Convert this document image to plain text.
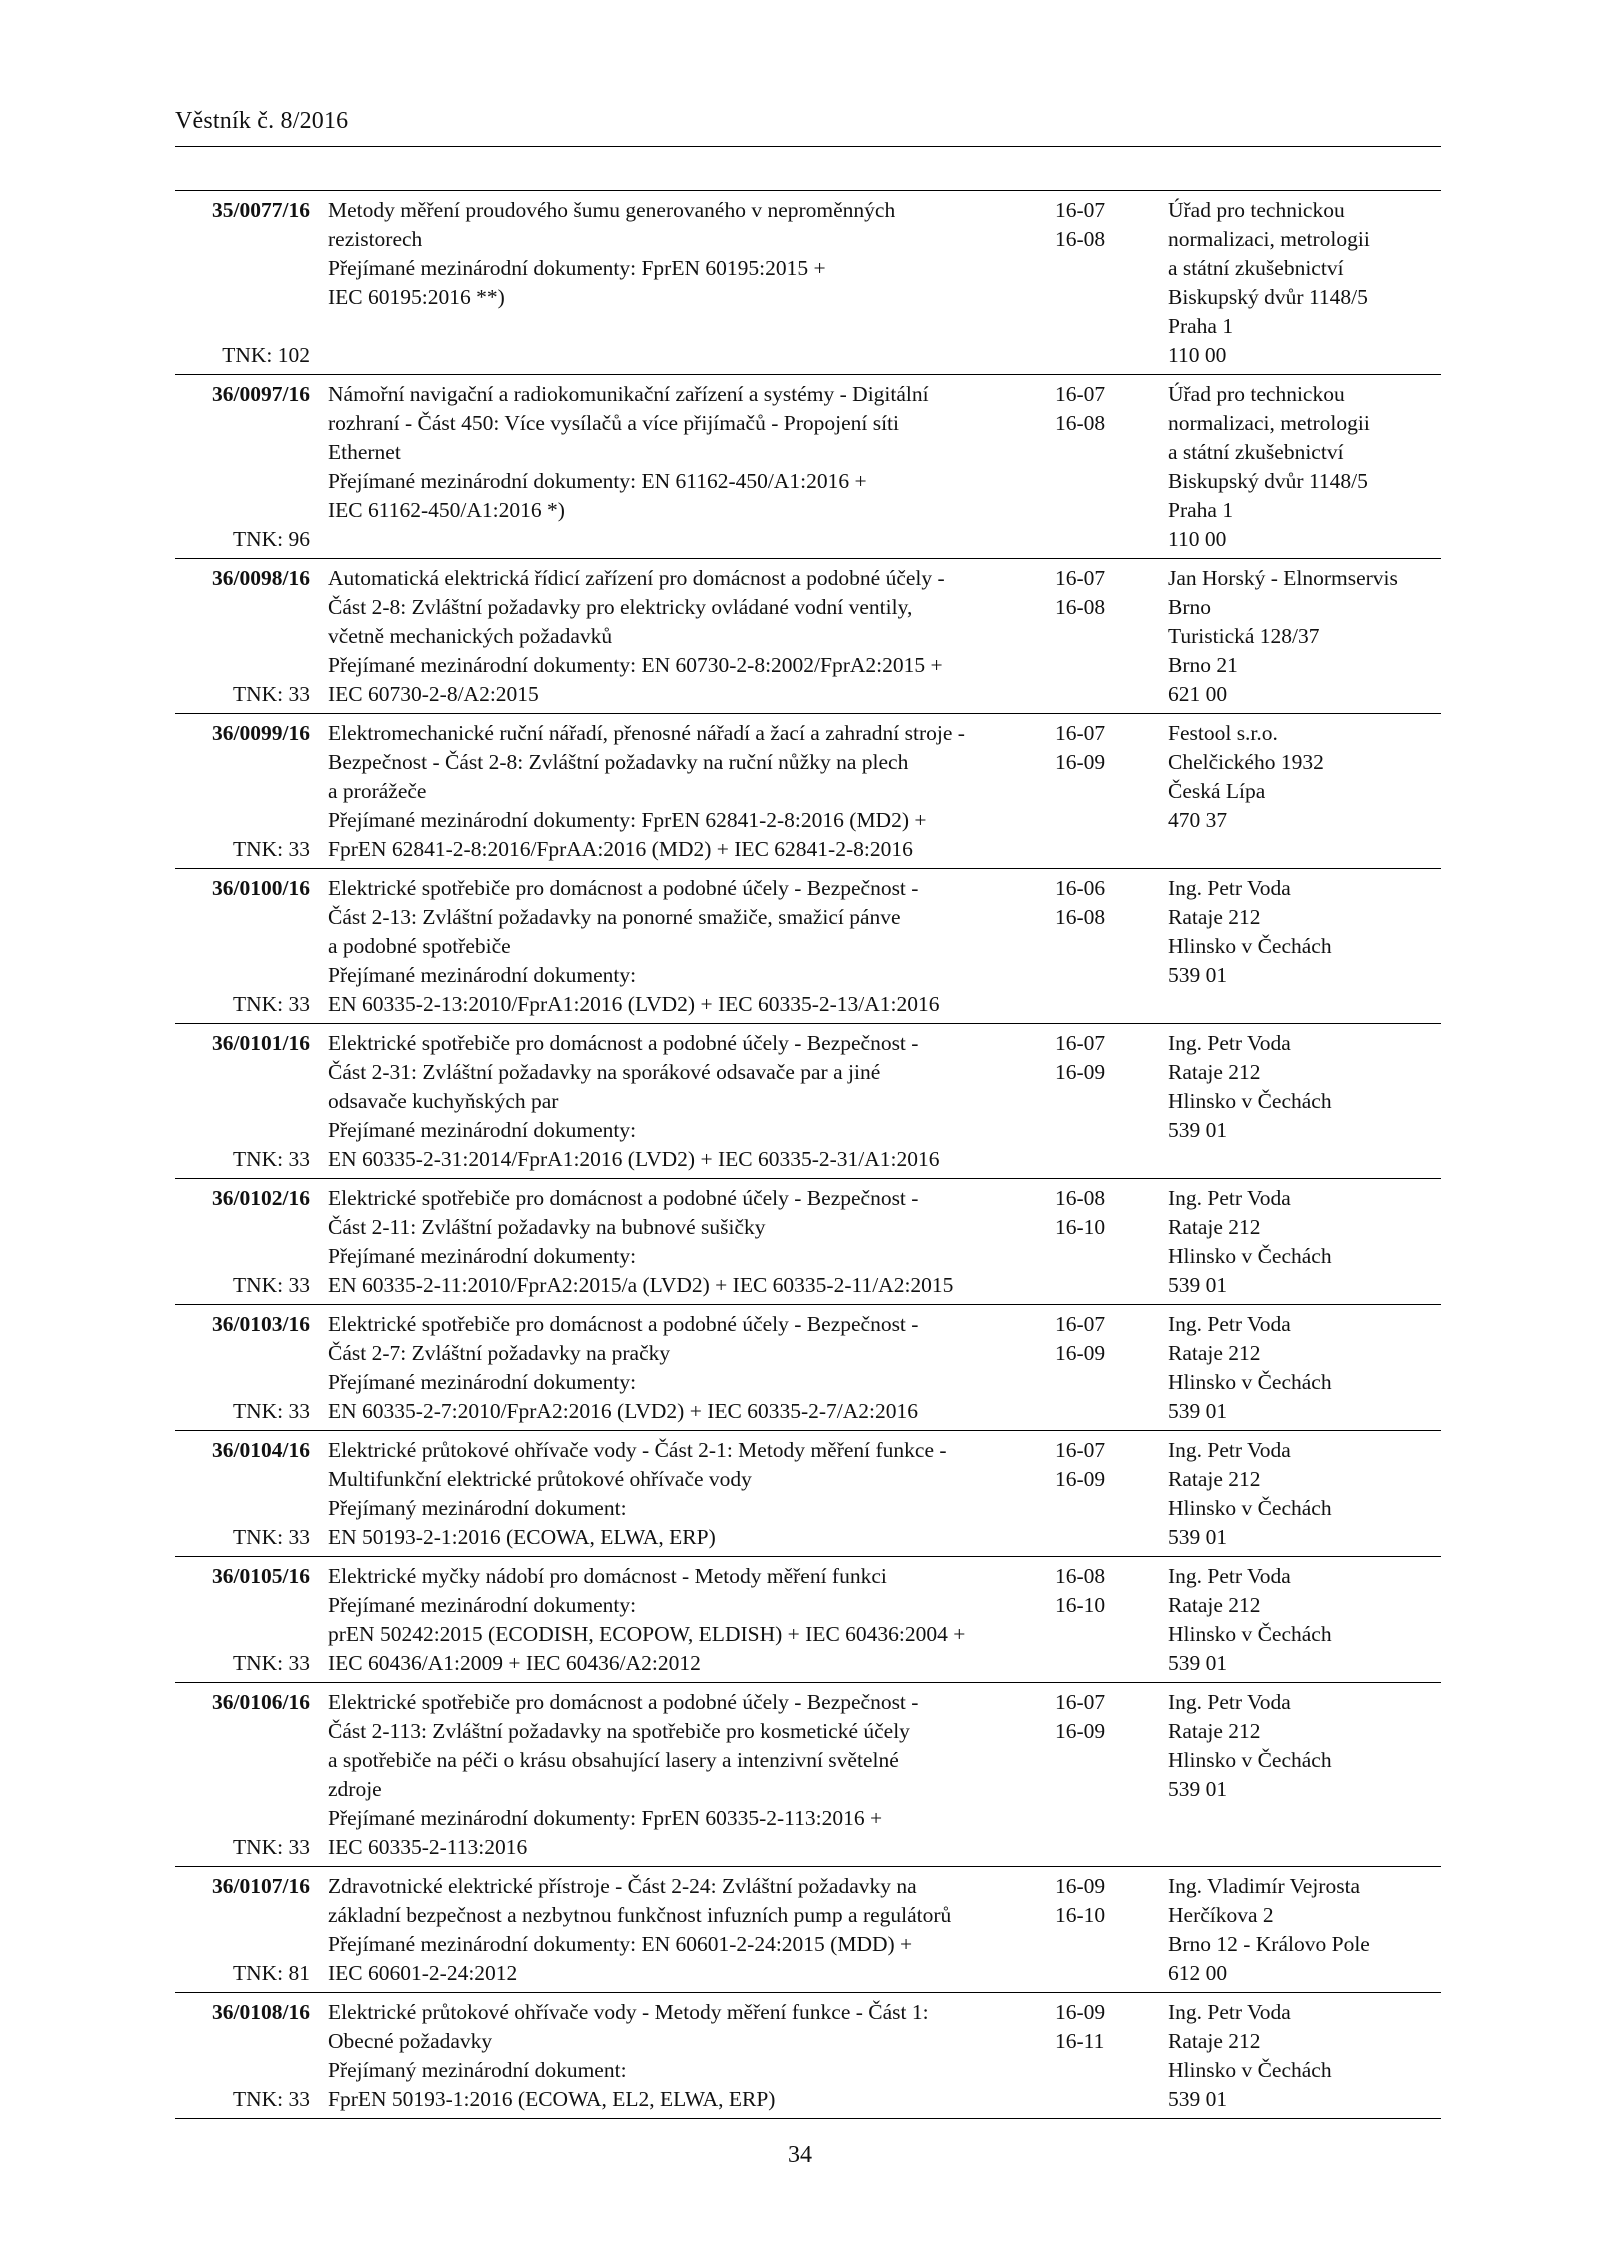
Věstník č. 8/2016
35/0077/16
TNK: 102
Metody měření proudového šumu generovaného v neproměnných
rezistorech
Přejímané mezinárodní dokumenty: FprEN 60195:2015 +
IEC 60195:2016 **)
16-07
16-08
Úřad pro technickou
normalizaci, metrologii
a státní zkušebnictví
Biskupský dvůr 1148/5
Praha 1
110 00
36/0097/16
TNK: 96
Námořní navigační a radiokomunikační zařízení a systémy - Digitální
rozhraní - Část 450: Více vysílačů a více přijímačů - Propojení síti
Ethernet
Přejímané mezinárodní dokumenty: EN 61162-450/A1:2016 +
IEC 61162-450/A1:2016 *)
16-07
16-08
Úřad pro technickou
normalizaci, metrologii
a státní zkušebnictví
Biskupský dvůr 1148/5
Praha 1
110 00
36/0098/16
TNK: 33
Automatická elektrická řídicí zařízení pro domácnost a podobné účely -
Část 2-8: Zvláštní požadavky pro elektricky ovládané vodní ventily,
včetně mechanických požadavků
Přejímané mezinárodní dokumenty: EN 60730-2-8:2002/FprA2:2015 +
IEC 60730-2-8/A2:2015
16-07
16-08
Jan Horský - Elnormservis
Brno
Turistická 128/37
Brno 21
621 00
36/0099/16
TNK: 33
Elektromechanické ruční nářadí, přenosné nářadí a žací a zahradní stroje -
Bezpečnost - Část 2-8: Zvláštní požadavky na ruční nůžky na plech
a prorážeče
Přejímané mezinárodní dokumenty: FprEN 62841-2-8:2016 (MD2) +
FprEN 62841-2-8:2016/FprAA:2016 (MD2) + IEC 62841-2-8:2016
16-07
16-09
Festool s.r.o.
Chelčického 1932
Česká Lípa
470 37
36/0100/16
TNK: 33
Elektrické spotřebiče pro domácnost a podobné účely - Bezpečnost -
Část 2-13: Zvláštní požadavky na ponorné smažiče, smažicí pánve
a podobné spotřebiče
Přejímané mezinárodní dokumenty:
EN 60335-2-13:2010/FprA1:2016 (LVD2) + IEC 60335-2-13/A1:2016
16-06
16-08
Ing. Petr Voda
Rataje 212
Hlinsko v Čechách
539 01
36/0101/16
TNK: 33
Elektrické spotřebiče pro domácnost a podobné účely - Bezpečnost -
Část 2-31: Zvláštní požadavky na sporákové odsavače par a jiné
odsavače kuchyňských par
Přejímané mezinárodní dokumenty:
EN 60335-2-31:2014/FprA1:2016 (LVD2) + IEC 60335-2-31/A1:2016
16-07
16-09
Ing. Petr Voda
Rataje 212
Hlinsko v Čechách
539 01
36/0102/16
TNK: 33
Elektrické spotřebiče pro domácnost a podobné účely - Bezpečnost -
Část 2-11: Zvláštní požadavky na bubnové sušičky
Přejímané mezinárodní dokumenty:
EN 60335-2-11:2010/FprA2:2015/a (LVD2) + IEC 60335-2-11/A2:2015
16-08
16-10
Ing. Petr Voda
Rataje 212
Hlinsko v Čechách
539 01
36/0103/16
TNK: 33
Elektrické spotřebiče pro domácnost a podobné účely - Bezpečnost -
Část 2-7: Zvláštní požadavky na pračky
Přejímané mezinárodní dokumenty:
EN 60335-2-7:2010/FprA2:2016 (LVD2) + IEC 60335-2-7/A2:2016
16-07
16-09
Ing. Petr Voda
Rataje 212
Hlinsko v Čechách
539 01
36/0104/16
TNK: 33
Elektrické průtokové ohřívače vody - Část 2-1: Metody měření funkce -
Multifunkční elektrické průtokové ohřívače vody
Přejímaný mezinárodní dokument:
EN 50193-2-1:2016 (ECOWA, ELWA, ERP)
16-07
16-09
Ing. Petr Voda
Rataje 212
Hlinsko v Čechách
539 01
36/0105/16
TNK: 33
Elektrické myčky nádobí pro domácnost - Metody měření funkci
Přejímané mezinárodní dokumenty:
prEN 50242:2015 (ECODISH, ECOPOW, ELDISH) + IEC 60436:2004 +
IEC 60436/A1:2009 + IEC 60436/A2:2012
16-08
16-10
Ing. Petr Voda
Rataje 212
Hlinsko v Čechách
539 01
36/0106/16
TNK: 33
Elektrické spotřebiče pro domácnost a podobné účely - Bezpečnost -
Část 2-113: Zvláštní požadavky na spotřebiče pro kosmetické účely
a spotřebiče na péči o krásu obsahující lasery a intenzivní světelné
zdroje
Přejímané mezinárodní dokumenty: FprEN 60335-2-113:2016 +
IEC 60335-2-113:2016
16-07
16-09
Ing. Petr Voda
Rataje 212
Hlinsko v Čechách
539 01
36/0107/16
TNK: 81
Zdravotnické elektrické přístroje - Část 2-24: Zvláštní požadavky na
základní bezpečnost a nezbytnou funkčnost infuzních pump a regulátorů
Přejímané mezinárodní dokumenty: EN 60601-2-24:2015 (MDD) +
IEC 60601-2-24:2012
16-09
16-10
Ing. Vladimír Vejrosta
Herčíkova 2
Brno 12 - Královo Pole
612 00
36/0108/16
TNK: 33
Elektrické průtokové ohřívače vody - Metody měření funkce - Část 1:
Obecné požadavky
Přejímaný mezinárodní dokument:
FprEN 50193-1:2016 (ECOWA, EL2, ELWA, ERP)
16-09
16-11
Ing. Petr Voda
Rataje 212
Hlinsko v Čechách
539 01
34
